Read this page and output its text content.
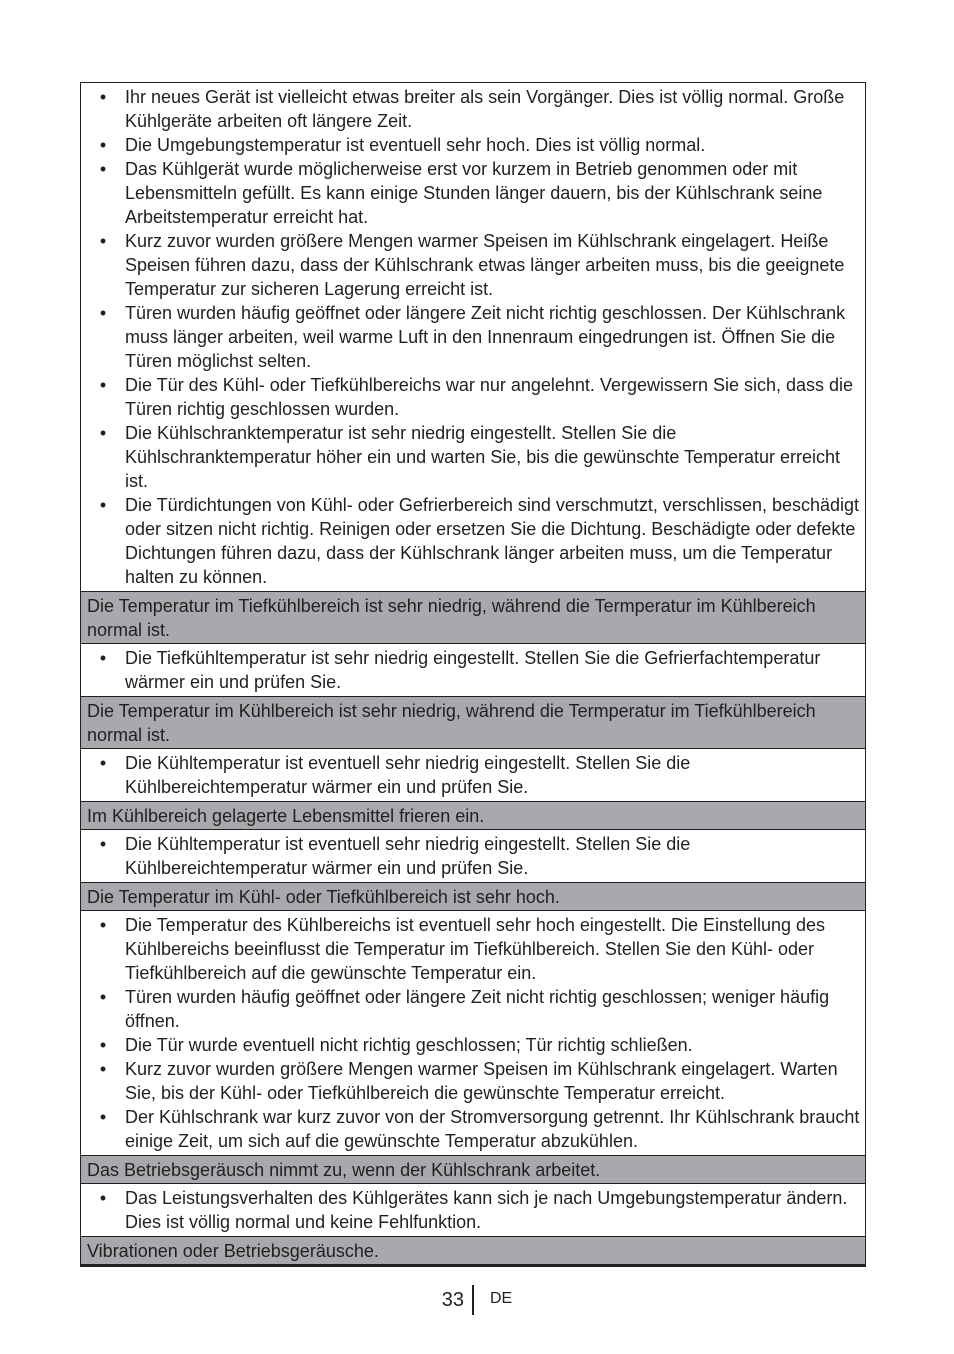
•	Ihr neues Gerät ist vielleicht etwas breiter als sein Vorgänger. Dies ist völlig normal. Große Kühlgeräte arbeiten oft längere Zeit.
•	Die Umgebungstemperatur ist eventuell sehr hoch. Dies ist völlig normal.
•	Das Kühlgerät wurde möglicherweise erst vor kurzem in Betrieb genommen oder mit Lebensmitteln gefüllt. Es kann einige Stunden länger dauern, bis der Kühlschrank seine Arbeitstemperatur erreicht hat.
•	Kurz zuvor wurden größere Mengen warmer Speisen im Kühlschrank eingelagert. Heiße Speisen führen dazu, dass der Kühlschrank etwas länger arbeiten muss, bis die geeignete Temperatur zur sicheren Lagerung erreicht ist.
•	Türen wurden häufig geöffnet oder längere Zeit nicht richtig geschlossen. Der Kühlschrank muss länger arbeiten, weil warme Luft in den Innenraum eingedrungen ist. Öffnen Sie die Türen möglichst selten.
•	Die Tür des Kühl- oder Tiefkühlbereichs war nur angelehnt. Vergewissern Sie sich, dass die Türen richtig geschlossen wurden.
•	Die Kühlschranktemperatur ist sehr niedrig eingestellt. Stellen Sie die Kühlschranktemperatur höher ein und warten Sie, bis die gewünschte Temperatur erreicht ist.
•	Die Türdichtungen von Kühl- oder Gefrierbereich sind verschmutzt, verschlissen, beschädigt oder sitzen nicht richtig. Reinigen oder ersetzen Sie die Dichtung. Beschädigte oder defekte Dichtungen führen dazu, dass der Kühlschrank länger arbeiten muss, um die Temperatur halten zu können.
Die Temperatur im Tiefkühlbereich ist sehr niedrig, während die Termperatur im Kühlbereich normal ist.
•	Die Tiefkühltemperatur ist sehr niedrig eingestellt. Stellen Sie die Gefrierfachtemperatur wärmer ein und prüfen Sie.
Die Temperatur im Kühlbereich ist sehr niedrig, während die Termperatur im Tiefkühlbereich normal ist.
•	Die Kühltemperatur ist eventuell sehr niedrig eingestellt. Stellen Sie die Kühlbereichtemperatur wärmer ein und prüfen Sie.
Im Kühlbereich gelagerte Lebensmittel frieren ein.
•	Die Kühltemperatur ist eventuell sehr niedrig eingestellt. Stellen Sie die Kühlbereichtemperatur wärmer ein und prüfen Sie.
Die Temperatur im Kühl- oder Tiefkühlbereich ist sehr hoch.
•	Die Temperatur des Kühlbereichs ist eventuell sehr hoch eingestellt. Die Einstellung des Kühlbereichs beeinflusst die Temperatur im Tiefkühlbereich. Stellen Sie den Kühl- oder Tiefkühlbereich auf die gewünschte Temperatur ein.
•	Türen wurden häufig geöffnet oder längere Zeit nicht richtig geschlossen; weniger häufig öffnen.
•	Die Tür wurde eventuell nicht richtig geschlossen; Tür richtig schließen.
•	Kurz zuvor wurden größere Mengen warmer Speisen im Kühlschrank eingelagert. Warten Sie, bis der Kühl- oder Tiefkühlbereich die gewünschte Temperatur erreicht.
•	Der Kühlschrank war kurz zuvor von der Stromversorgung getrennt. Ihr Kühlschrank braucht einige Zeit, um sich auf die gewünschte Temperatur abzukühlen.
Das Betriebsgeräusch nimmt zu, wenn der Kühlschrank arbeitet.
•	Das Leistungsverhalten des Kühlgerätes kann sich je nach Umgebungstemperatur ändern. Dies ist völlig normal und keine Fehlfunktion.
Vibrationen oder Betriebsgeräusche.
33	DE
